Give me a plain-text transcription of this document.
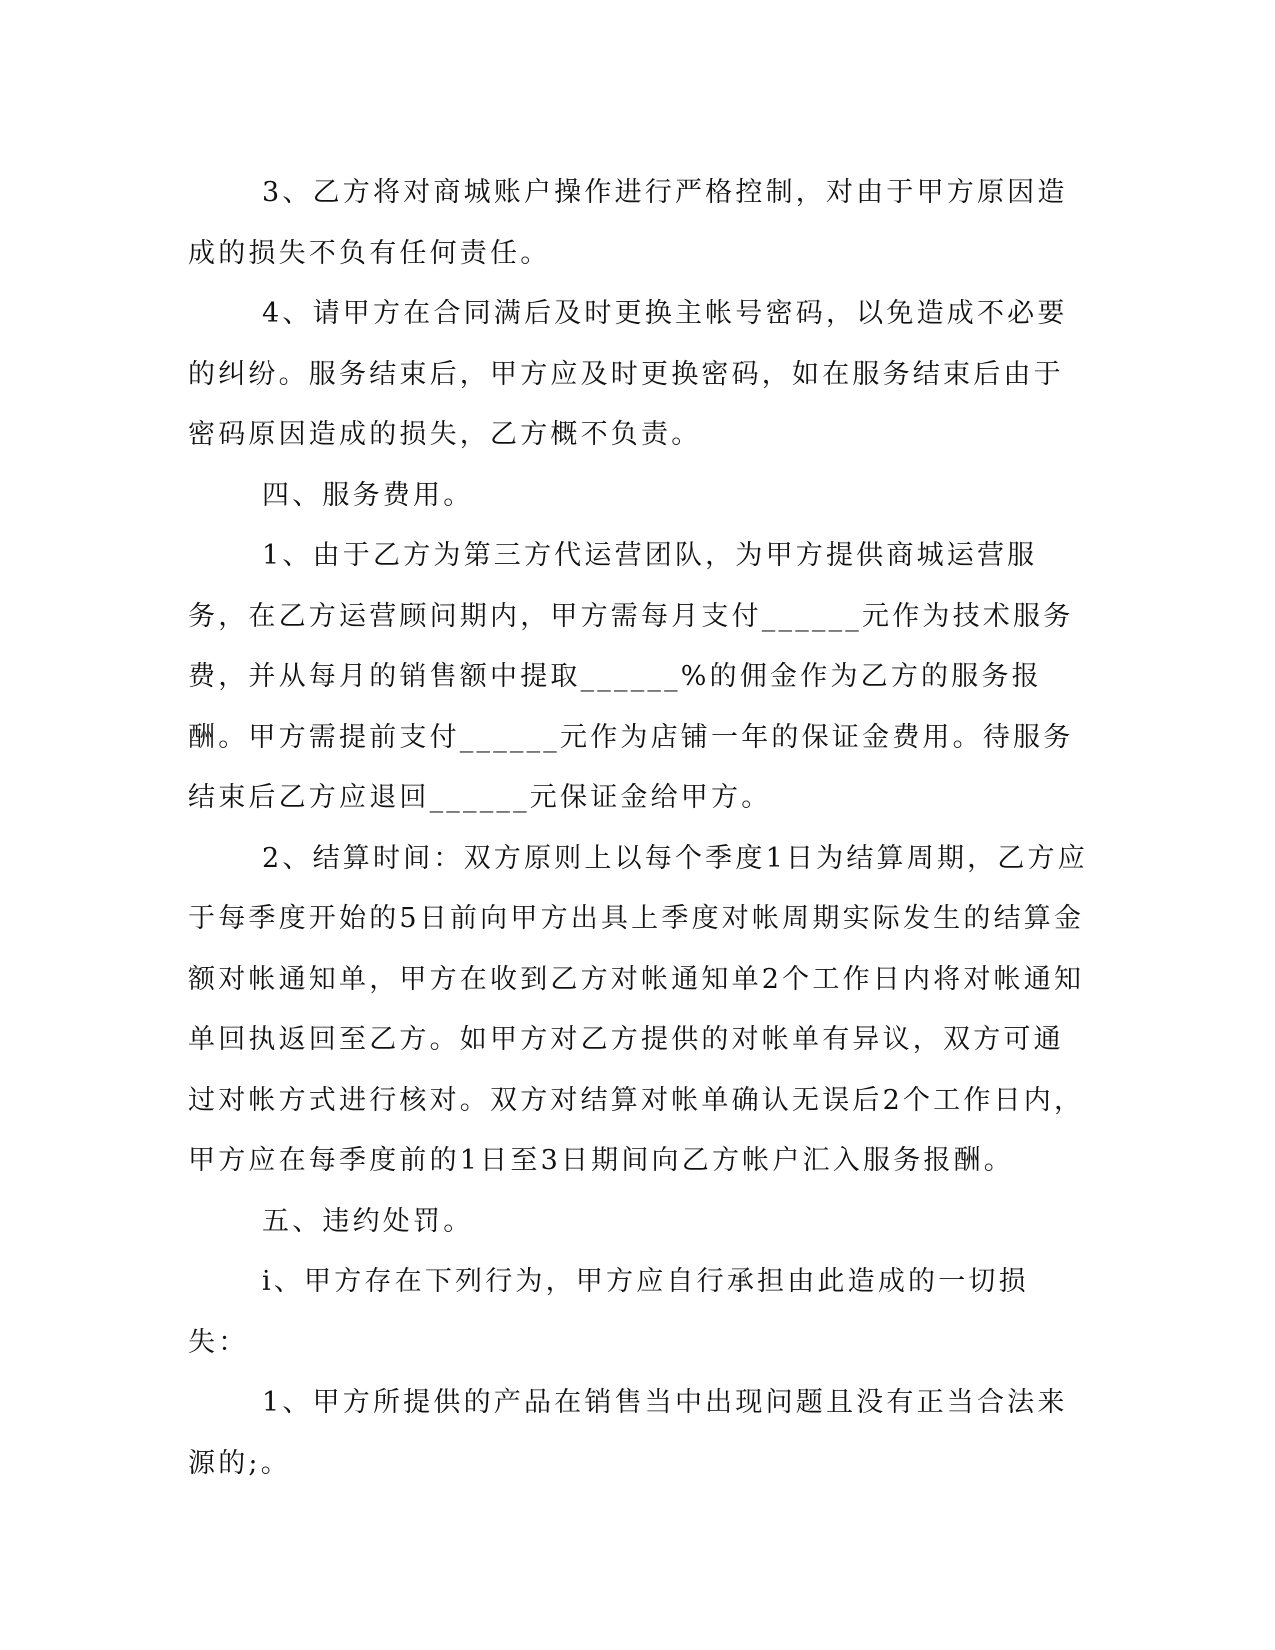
3、乙方将对商城账户操作进行严格控制，对由于甲方原因造成的损失不负有任何责任。

4、请甲方在合同满后及时更换主帐号密码，以免造成不必要的纠纷。服务结束后，甲方应及时更换密码，如在服务结束后由于密码原因造成的损失，乙方概不负责。

四、服务费用。

1、由于乙方为第三方代运营团队，为甲方提供商城运营服务，在乙方运营顾问期内，甲方需每月支付______元作为技术服务费，并从每月的销售额中提取______%的佣金作为乙方的服务报酬。甲方需提前支付______元作为店铺一年的保证金费用。待服务结束后乙方应退回______元保证金给甲方。

2、结算时间：双方原则上以每个季度1日为结算周期，乙方应于每季度开始的5日前向甲方出具上季度对帐周期实际发生的结算金额对帐通知单，甲方在收到乙方对帐通知单2个工作日内将对帐通知单回执返回至乙方。如甲方对乙方提供的对帐单有异议，双方可通过对帐方式进行核对。双方对结算对帐单确认无误后2个工作日内，甲方应在每季度前的1日至3日期间向乙方帐户汇入服务报酬。

五、违约处罚。

i、甲方存在下列行为，甲方应自行承担由此造成的一切损失：

1、甲方所提供的产品在销售当中出现问题且没有正当合法来源的;。
